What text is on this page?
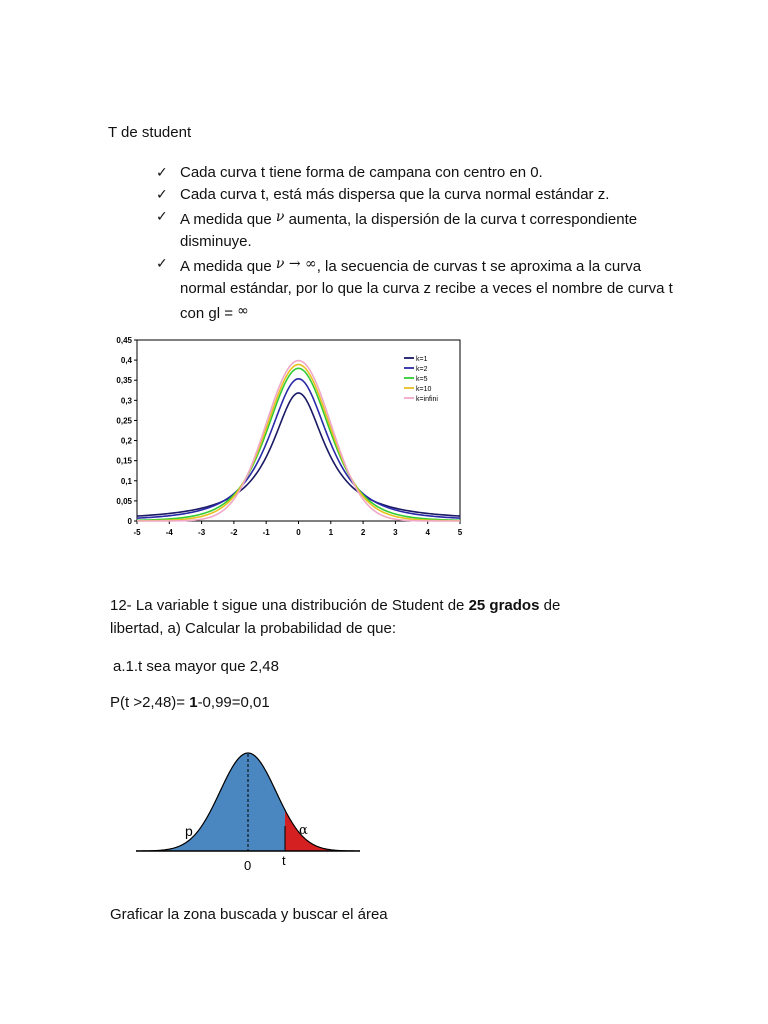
T de student
✓ Cada curva t tiene forma de campana con centro en 0.
✓ Cada curva t, está más dispersa que la curva normal estándar z.
✓ A medida que ν aumenta, la dispersión de la curva t correspondiente disminuye.
✓ A medida que ν → ∞, la secuencia de curvas t se aproxima a la curva normal estándar, por lo que la curva z recibe a veces el nombre de curva t con gl = ∞
-5	-4	-3	-2	-1	0	1	2	3	4	5
0
0,05
0,1
0,15
0,2
0,25
0,3
0,35
0,4
0,45
k=1
k=2
k=5
k=10
k=infini
12- La variable t sigue una distribución de Student de 25 grados de
libertad, a) Calcular la probabilidad de que:
a.1.t sea mayor que 2,48
P(t >2,48)= 1-0,99=0,01
p	α
0 t
Graficar la zona buscada y buscar el área
